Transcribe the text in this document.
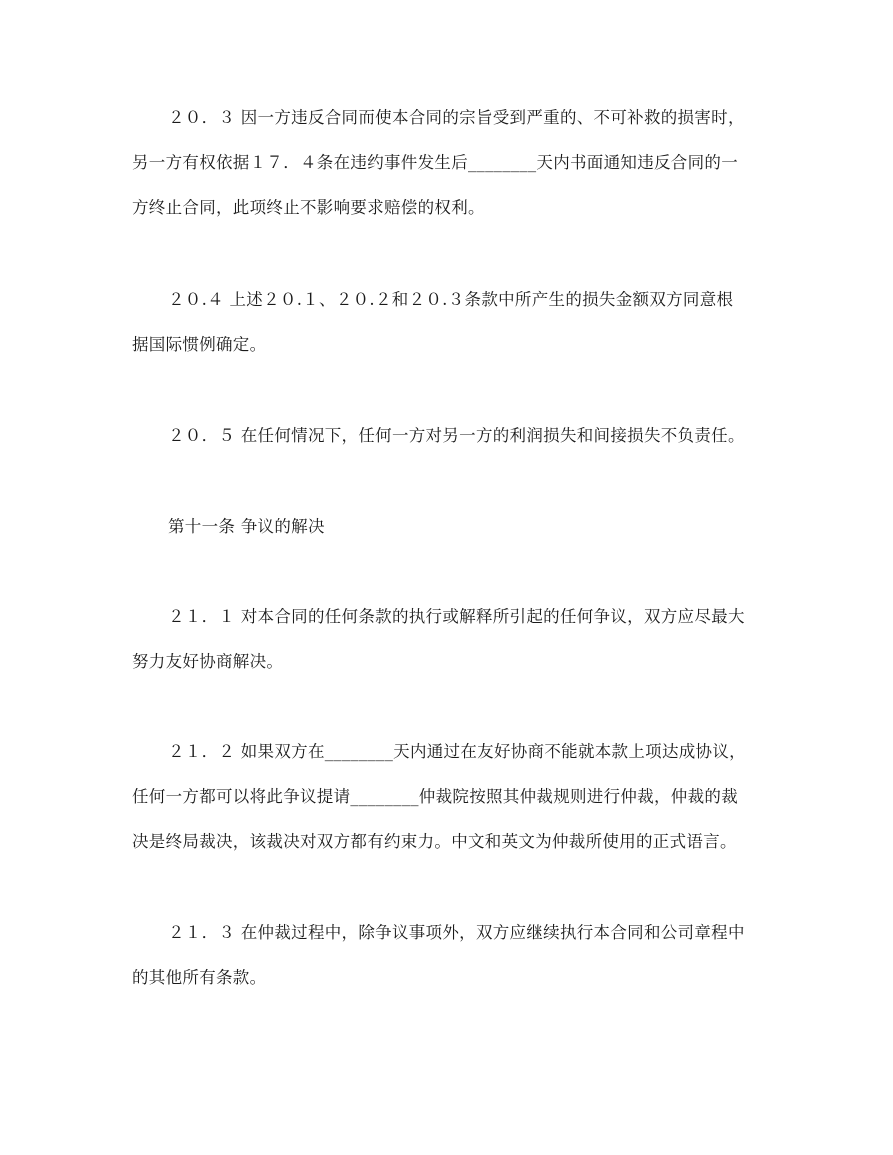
２０．３ 因一方违反合同而使本合同的宗旨受到严重的、不可补救的损害时，
另一方有权依据１７．４条在违约事件发生后________天内书面通知违反合同的一
方终止合同，此项终止不影响要求赔偿的权利。
２０.４ 上述２０.１、２０.２和２０.３条款中所产生的损失金额双方同意根
据国际惯例确定。
２０．５ 在任何情况下，任何一方对另一方的利润损失和间接损失不负责任。
第十一条 争议的解决
２１．１ 对本合同的任何条款的执行或解释所引起的任何争议，双方应尽最大
努力友好协商解决。
２１．２ 如果双方在________天内通过在友好协商不能就本款上项达成协议，
任何一方都可以将此争议提请________仲裁院按照其仲裁规则进行仲裁，仲裁的裁
决是终局裁决，该裁决对双方都有约束力。中文和英文为仲裁所使用的正式语言。
２１．３ 在仲裁过程中，除争议事项外，双方应继续执行本合同和公司章程中
的其他所有条款。
